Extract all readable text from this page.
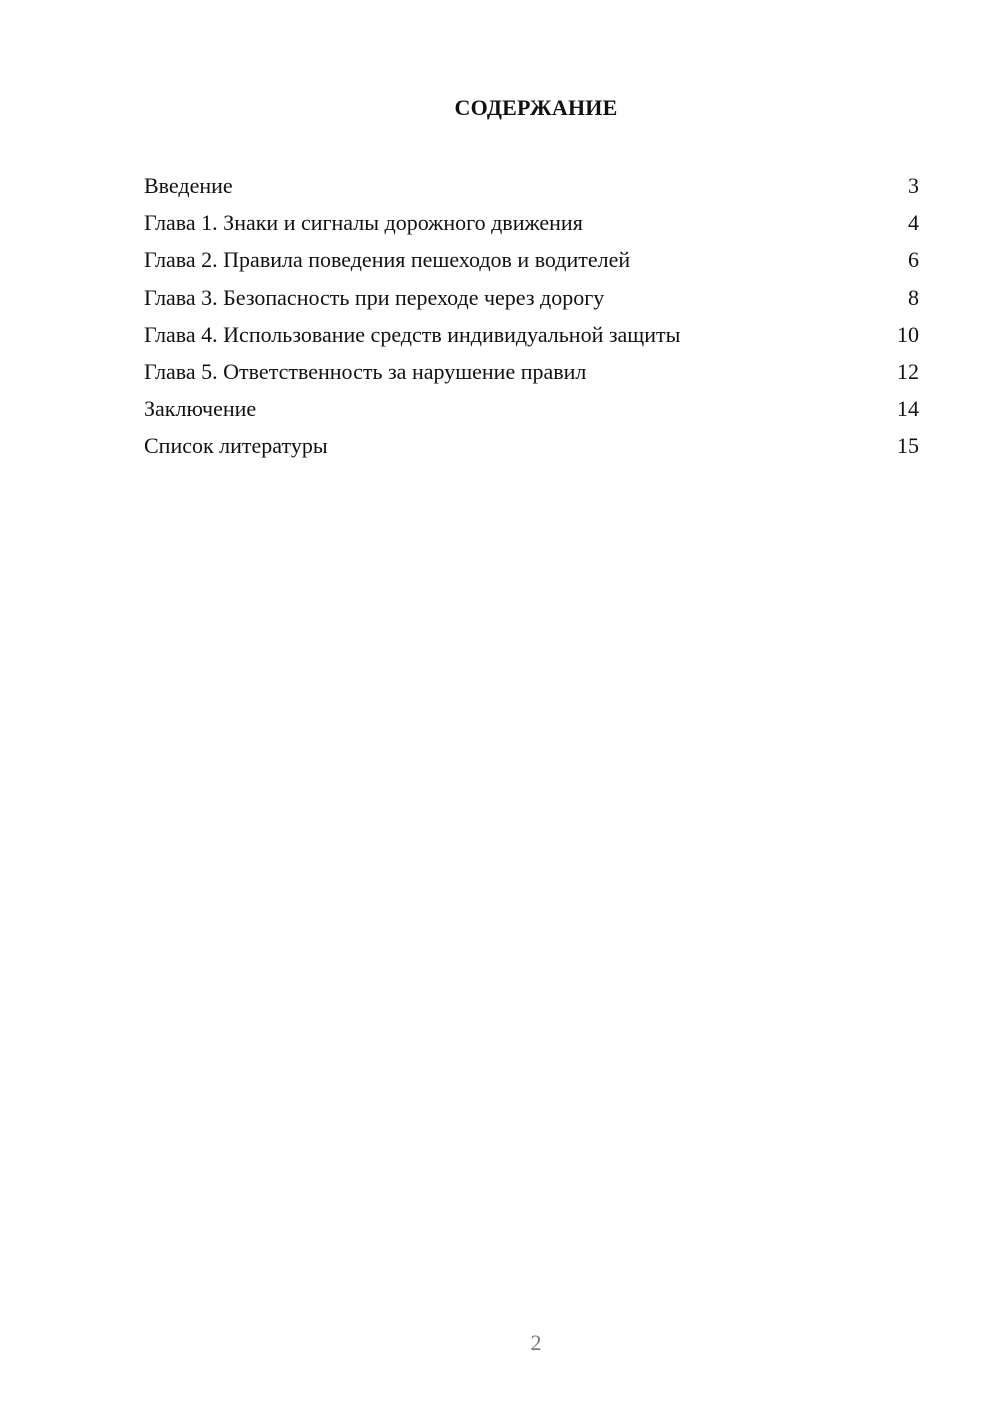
СОДЕРЖАНИЕ
Введение	3
Глава 1. Знаки и сигналы дорожного движения	4
Глава 2. Правила поведения пешеходов и водителей	6
Глава 3. Безопасность при переходе через дорогу	8
Глава 4. Использование средств индивидуальной защиты	10
Глава 5. Ответственность за нарушение правил	12
Заключение	14
Список литературы	15
2
